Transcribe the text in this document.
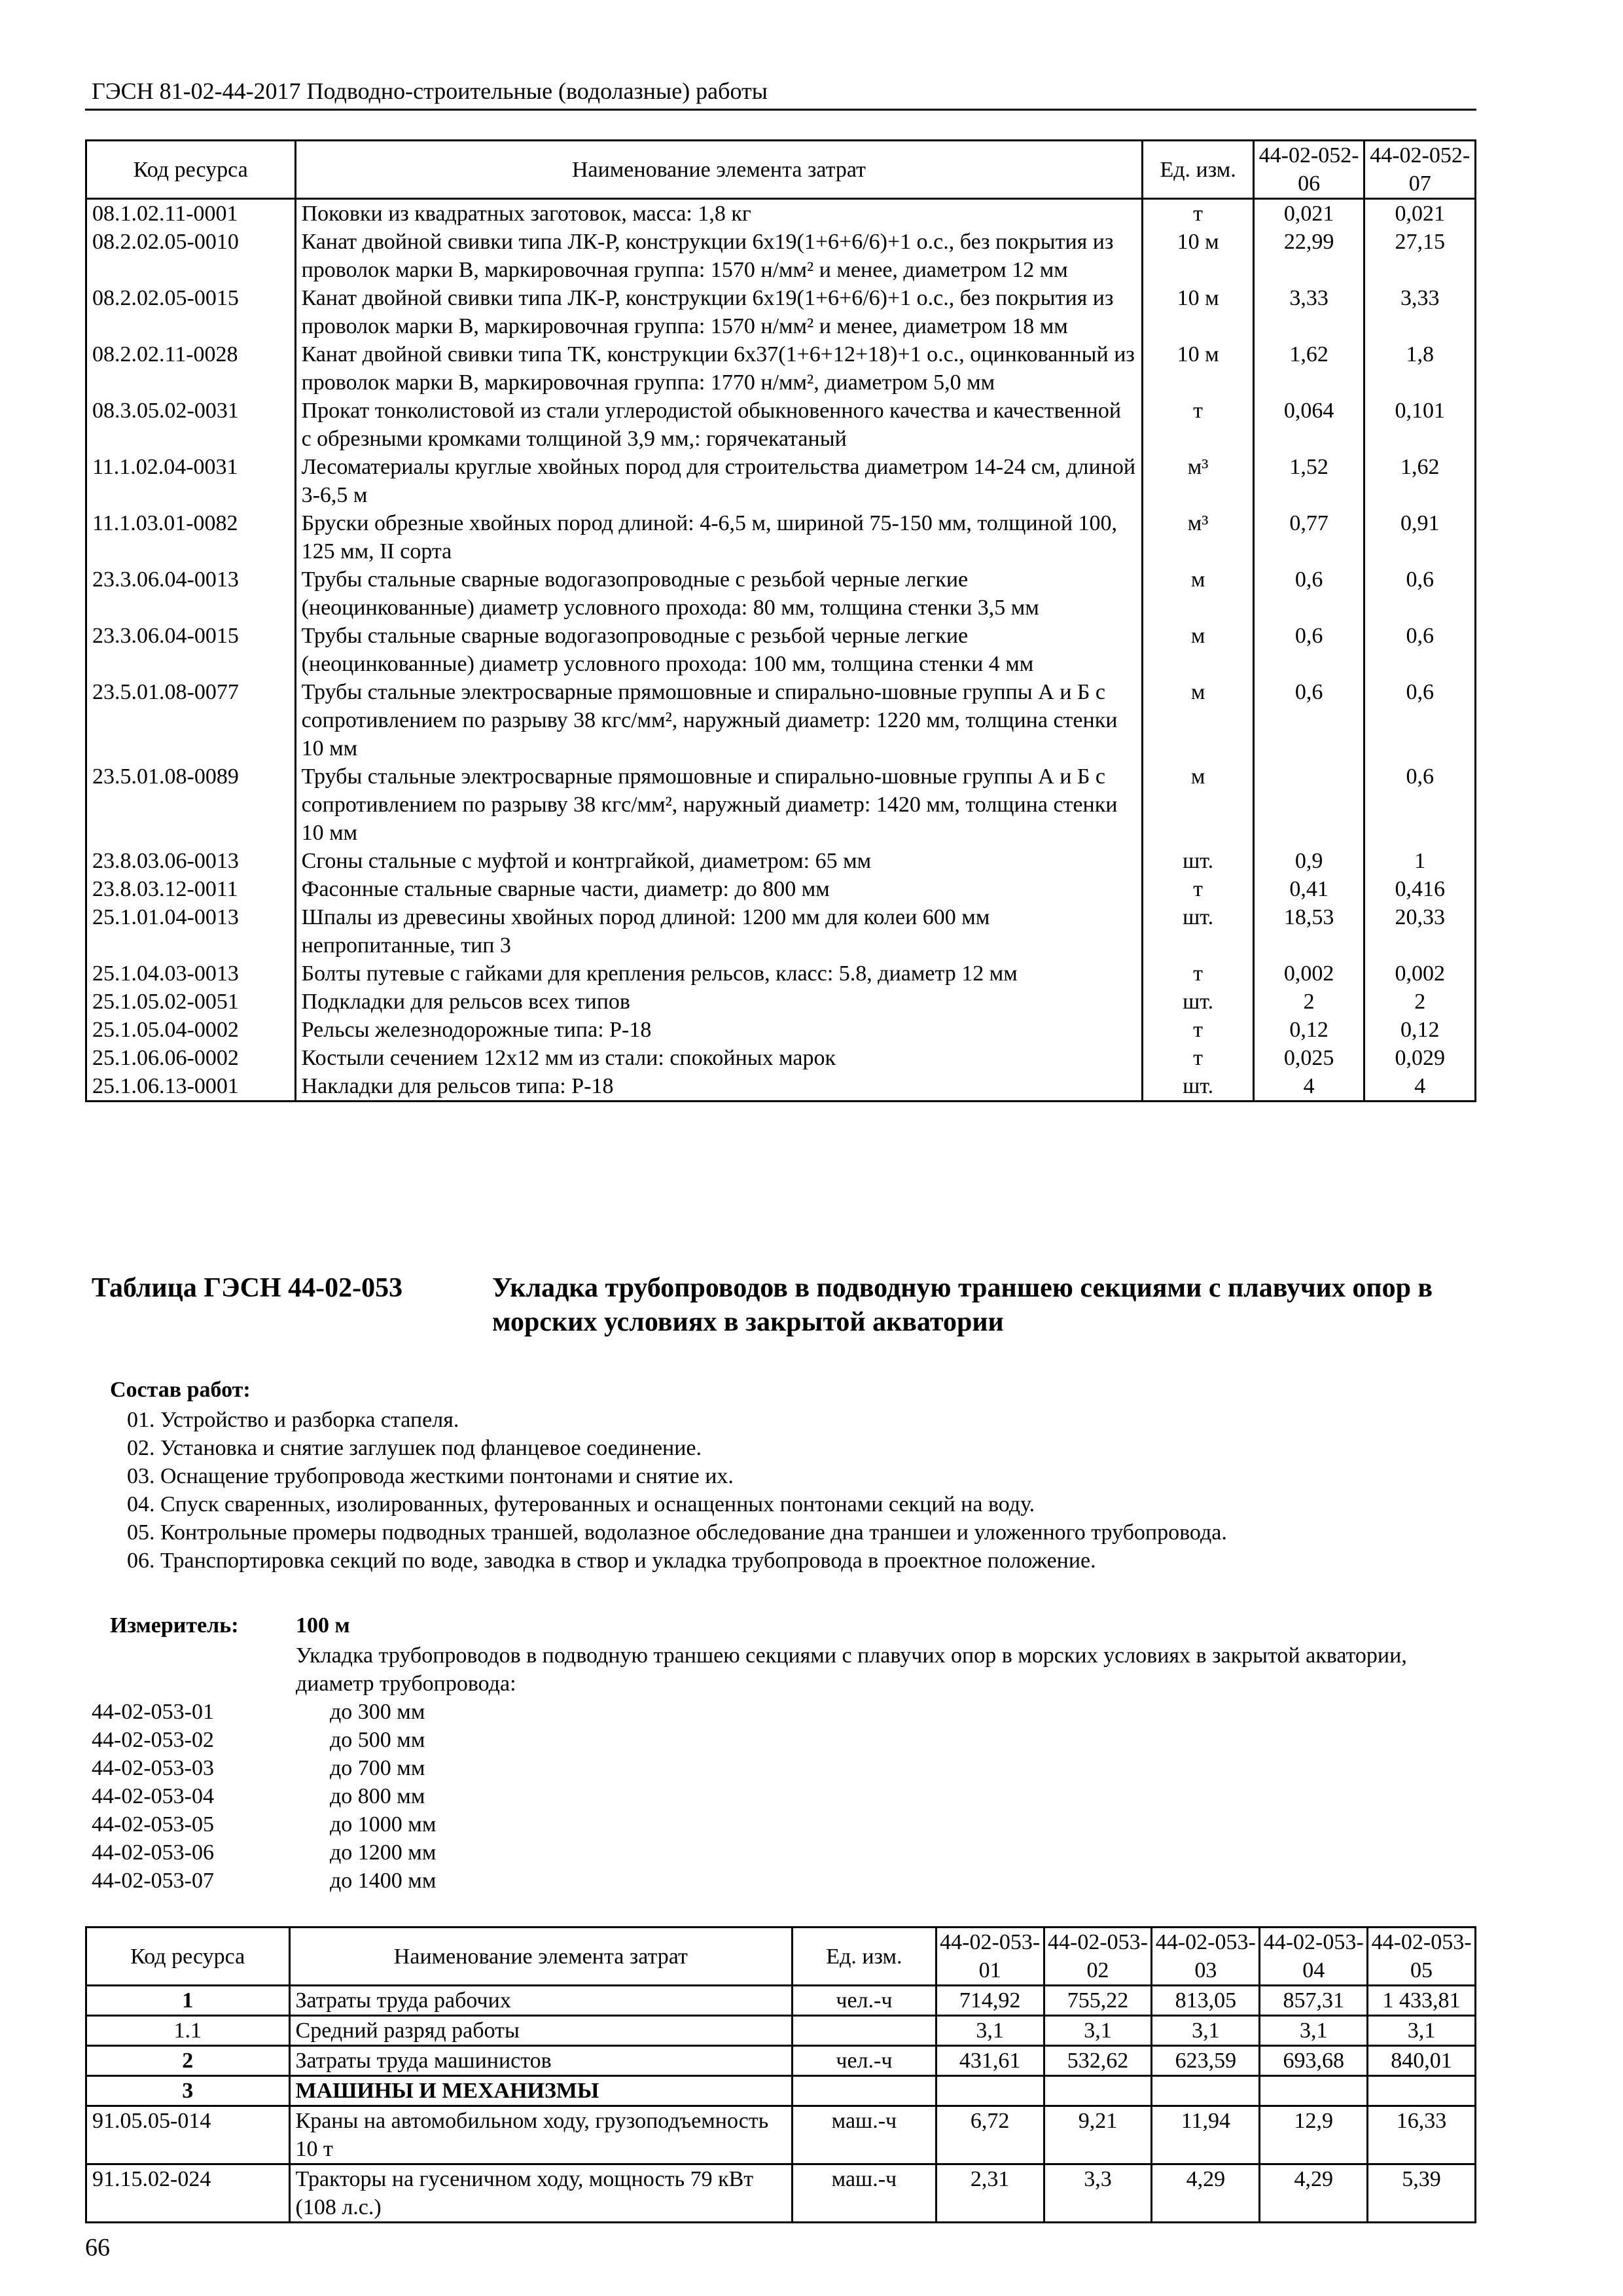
ГЭСН 81-02-44-2017 Подводно-строительные (водолазные) работы
Код ресурса	Наименование элемента затрат	Ед. изм.	44-02-052-06	44-02-052-07
08.1.02.11-0001	Поковки из квадратных заготовок, масса: 1,8 кг	т	0,021	0,021
08.2.02.05-0010	Канат двойной свивки типа ЛК-Р, конструкции 6х19(1+6+6/6)+1 о.с., без покрытия из проволок марки В, маркировочная группа: 1570 н/мм² и менее, диаметром 12 мм	10 м	22,99	27,15
08.2.02.05-0015	Канат двойной свивки типа ЛК-Р, конструкции 6х19(1+6+6/6)+1 о.с., без покрытия из проволок марки В, маркировочная группа: 1570 н/мм² и менее, диаметром 18 мм	10 м	3,33	3,33
08.2.02.11-0028	Канат двойной свивки типа ТК, конструкции 6х37(1+6+12+18)+1 о.с., оцинкованный из проволок марки В, маркировочная группа: 1770 н/мм², диаметром 5,0 мм	10 м	1,62	1,8
08.3.05.02-0031	Прокат тонколистовой из стали углеродистой обыкновенного качества и качественной с обрезными кромками толщиной 3,9 мм,: горячекатаный	т	0,064	0,101
11.1.02.04-0031	Лесоматериалы круглые хвойных пород для строительства диаметром 14-24 см, длиной 3-6,5 м	м³	1,52	1,62
11.1.03.01-0082	Бруски обрезные хвойных пород длиной: 4-6,5 м, шириной 75-150 мм, толщиной 100, 125 мм, II сорта	м³	0,77	0,91
23.3.06.04-0013	Трубы стальные сварные водогазопроводные с резьбой черные легкие (неоцинкованные) диаметр условного прохода: 80 мм, толщина стенки 3,5 мм	м	0,6	0,6
23.3.06.04-0015	Трубы стальные сварные водогазопроводные с резьбой черные легкие (неоцинкованные) диаметр условного прохода: 100 мм, толщина стенки 4 мм	м	0,6	0,6
23.5.01.08-0077	Трубы стальные электросварные прямошовные и спирально-шовные группы А и Б с сопротивлением по разрыву 38 кгс/мм², наружный диаметр: 1220 мм, толщина стенки 10 мм	м	0,6	0,6
23.5.01.08-0089	Трубы стальные электросварные прямошовные и спирально-шовные группы А и Б с сопротивлением по разрыву 38 кгс/мм², наружный диаметр: 1420 мм, толщина стенки 10 мм	м		0,6
23.8.03.06-0013	Сгоны стальные с муфтой и контргайкой, диаметром: 65 мм	шт.	0,9	1
23.8.03.12-0011	Фасонные стальные сварные части, диаметр: до 800 мм	т	0,41	0,416
25.1.01.04-0013	Шпалы из древесины хвойных пород длиной: 1200 мм для колеи 600 мм непропитанные, тип 3	шт.	18,53	20,33
25.1.04.03-0013	Болты путевые с гайками для крепления рельсов, класс: 5.8, диаметр 12 мм	т	0,002	0,002
25.1.05.02-0051	Подкладки для рельсов всех типов	шт.	2	2
25.1.05.04-0002	Рельсы железнодорожные типа: Р-18	т	0,12	0,12
25.1.06.06-0002	Костыли сечением 12х12 мм из стали: спокойных марок	т	0,025	0,029
25.1.06.13-0001	Накладки для рельсов типа: Р-18	шт.	4	4
Таблица ГЭСН 44-02-053	Укладка трубопроводов в подводную траншею секциями с плавучих опор в морских условиях в закрытой акватории
Состав работ:
01. Устройство и разборка стапеля.
02. Установка и снятие заглушек под фланцевое соединение.
03. Оснащение трубопровода жесткими понтонами и снятие их.
04. Спуск сваренных, изолированных, футерованных и оснащенных понтонами секций на воду.
05. Контрольные промеры подводных траншей, водолазное обследование дна траншеи и уложенного трубопровода.
06. Транспортировка секций по воде, заводка в створ и укладка трубопровода в проектное положение.
Измеритель:	100 м
Укладка трубопроводов в подводную траншею секциями с плавучих опор в морских условиях в закрытой акватории, диаметр трубопровода:
44-02-053-01	до 300 мм
44-02-053-02	до 500 мм
44-02-053-03	до 700 мм
44-02-053-04	до 800 мм
44-02-053-05	до 1000 мм
44-02-053-06	до 1200 мм
44-02-053-07	до 1400 мм
Код ресурса	Наименование элемента затрат	Ед. изм.	44-02-053-01	44-02-053-02	44-02-053-03	44-02-053-04	44-02-053-05
1	Затраты труда рабочих	чел.-ч	714,92	755,22	813,05	857,31	1 433,81
1.1	Средний разряд работы		3,1	3,1	3,1	3,1	3,1
2	Затраты труда машинистов	чел.-ч	431,61	532,62	623,59	693,68	840,01
3	МАШИНЫ И МЕХАНИЗМЫ						
91.05.05-014	Краны на автомобильном ходу, грузоподъемность 10 т	маш.-ч	6,72	9,21	11,94	12,9	16,33
91.15.02-024	Тракторы на гусеничном ходу, мощность 79 кВт (108 л.с.)	маш.-ч	2,31	3,3	4,29	4,29	5,39
66
